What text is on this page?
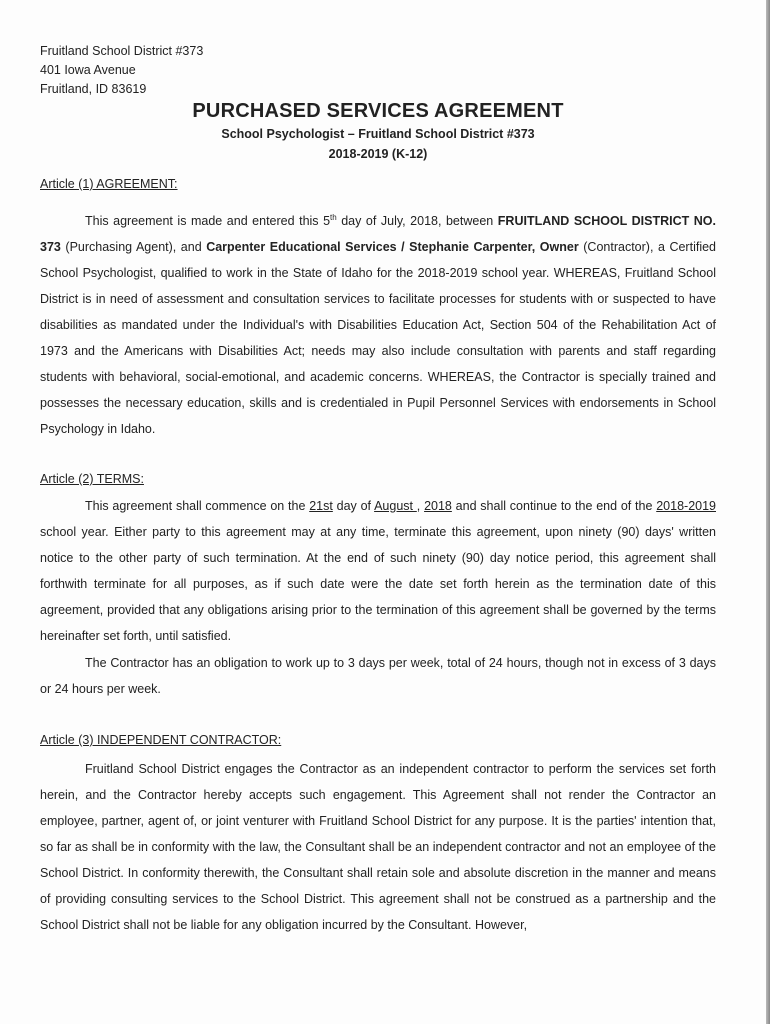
Fruitland School District #373
401 Iowa Avenue
Fruitland, ID 83619
PURCHASED SERVICES AGREEMENT
School Psychologist – Fruitland School District #373
2018-2019 (K-12)
Article (1) AGREEMENT:

This agreement is made and entered this 5th day of July, 2018, between FRUITLAND SCHOOL DISTRICT NO. 373 (Purchasing Agent), and Carpenter Educational Services / Stephanie Carpenter, Owner (Contractor), a Certified School Psychologist, qualified to work in the State of Idaho for the 2018-2019 school year. WHEREAS, Fruitland School District is in need of assessment and consultation services to facilitate processes for students with or suspected to have disabilities as mandated under the Individual's with Disabilities Education Act, Section 504 of the Rehabilitation Act of 1973 and the Americans with Disabilities Act; needs may also include consultation with parents and staff regarding students with behavioral, social-emotional, and academic concerns. WHEREAS, the Contractor is specially trained and possesses the necessary education, skills and is credentialed in Pupil Personnel Services with endorsements in School Psychology in Idaho.

Article (2) TERMS:

This agreement shall commence on the 21st day of August , 2018 and shall continue to the end of the 2018-2019 school year. Either party to this agreement may at any time, terminate this agreement, upon ninety (90) days' written notice to the other party of such termination. At the end of such ninety (90) day notice period, this agreement shall forthwith terminate for all purposes, as if such date were the date set forth herein as the termination date of this agreement, provided that any obligations arising prior to the termination of this agreement shall be governed by the terms hereinafter set forth, until satisfied.

The Contractor has an obligation to work up to 3 days per week, total of 24 hours, though not in excess of 3 days or 24 hours per week.

Article (3) INDEPENDENT CONTRACTOR:

Fruitland School District engages the Contractor as an independent contractor to perform the services set forth herein, and the Contractor hereby accepts such engagement. This Agreement shall not render the Contractor an employee, partner, agent of, or joint venturer with Fruitland School District for any purpose. It is the parties' intention that, so far as shall be in conformity with the law, the Consultant shall be an independent contractor and not an employee of the School District. In conformity therewith, the Consultant shall retain sole and absolute discretion in the manner and means of providing consulting services to the School District. This agreement shall not be construed as a partnership and the School District shall not be liable for any obligation incurred by the Consultant. However,
